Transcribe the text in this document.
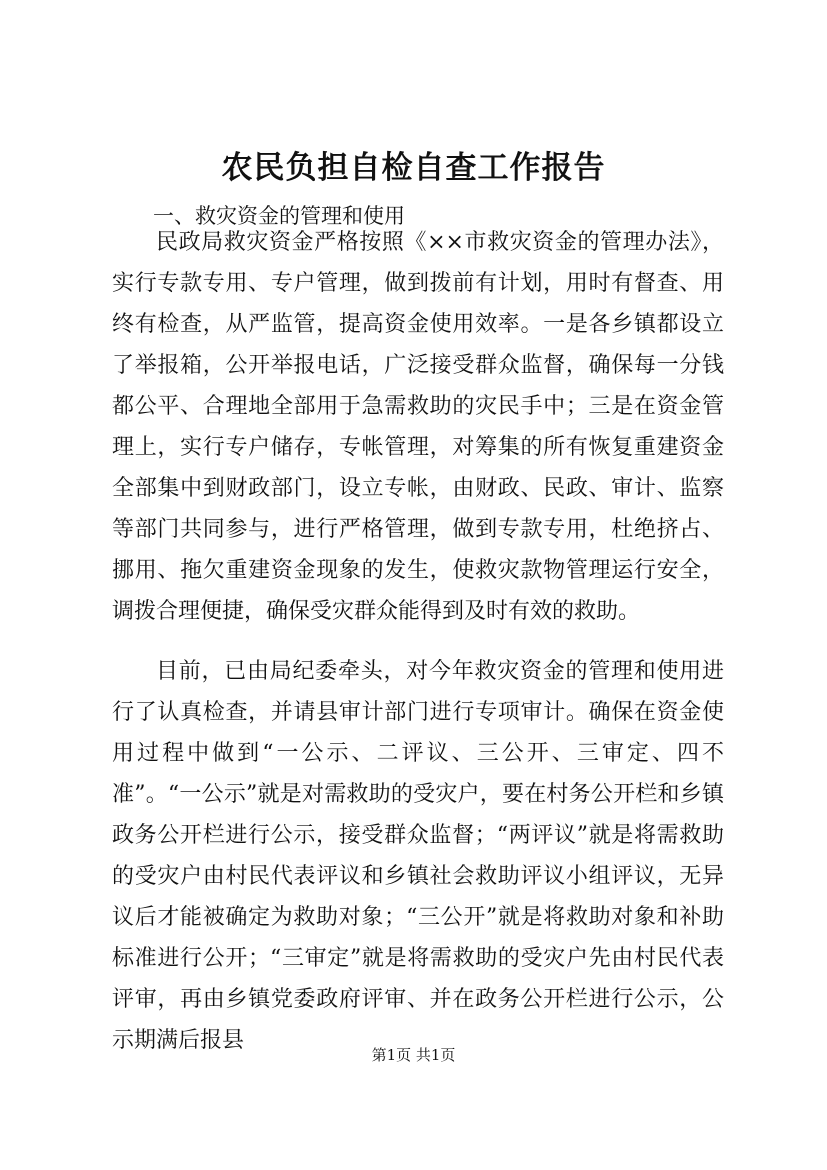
农民负担自检自查工作报告
一、救灾资金的管理和使用

民政局救灾资金严格按照《××市救灾资金的管理办法》，实行专款专用、专户管理，做到拨前有计划，用时有督查、用终有检查，从严监管，提高资金使用效率。一是各乡镇都设立了举报箱，公开举报电话，广泛接受群众监督，确保每一分钱都公平、合理地全部用于急需救助的灾民手中；三是在资金管理上，实行专户储存，专帐管理，对筹集的所有恢复重建资金全部集中到财政部门，设立专帐，由财政、民政、审计、监察等部门共同参与，进行严格管理，做到专款专用，杜绝挤占、挪用、拖欠重建资金现象的发生，使救灾款物管理运行安全，调拨合理便捷，确保受灾群众能得到及时有效的救助。

目前，已由局纪委牵头，对今年救灾资金的管理和使用进行了认真检查，并请县审计部门进行专项审计。确保在资金使用过程中做到“一公示、二评议、三公开、三审定、四不准”。“一公示”就是对需救助的受灾户，要在村务公开栏和乡镇政务公开栏进行公示，接受群众监督；“两评议”就是将需救助的受灾户由村民代表评议和乡镇社会救助评议小组评议，无异议后才能被确定为救助对象；“三公开”就是将救助对象和补助标准进行公开；“三审定”就是将需救助的受灾户先由村民代表评审，再由乡镇党委政府评审、并在政务公开栏进行公示，公示期满后报县

第1页 共1页
